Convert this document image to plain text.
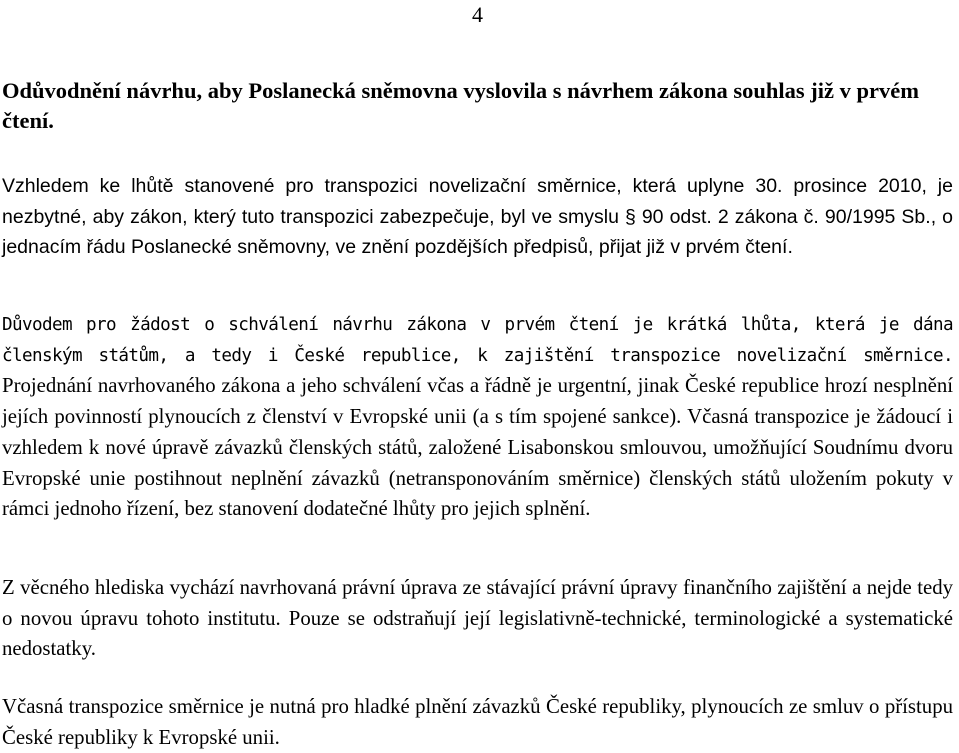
4
Odůvodnění návrhu, aby Poslanecká sněmovna vyslovila s návrhem zákona souhlas již v prvém čtení.

Vzhledem ke lhůtě stanovené pro transpozici novelizační směrnice, která uplyne 30. prosince 2010, je nezbytné, aby zákon, který tuto transpozici zabezpečuje, byl ve smyslu § 90 odst. 2 zákona č. 90/1995 Sb., o jednacím řádu Poslanecké sněmovny, ve znění pozdějších předpisů, přijat již v prvém čtení.

Důvodem pro žádost o schválení návrhu zákona v prvém čtení je krátká lhůta, která je dána členským státům, a tedy i České republice, k zajištění transpozice novelizační směrnice. Projednání navrhovaného zákona a jeho schválení včas a řádně je urgentní, jinak České republice hrozí nesplnění jejích povinností plynoucích z členství v Evropské unii (a s tím spojené sankce). Včasná transpozice je žádoucí i vzhledem k nové úpravě závazků členských států, založené Lisabonskou smlouvou, umožňující Soudnímu dvoru Evropské unie postihnout neplnění závazků (netransponováním směrnice) členských států uložením pokuty v rámci jednoho řízení, bez stanovení dodatečné lhůty pro jejich splnění.

Z věcného hlediska vychází navrhovaná právní úprava ze stávající právní úpravy finančního zajištění a nejde tedy o novou úpravu tohoto institutu. Pouze se odstraňují její legislativně-technické, terminologické a systematické nedostatky.

Včasná transpozice směrnice je nutná pro hladké plnění závazků České republiky, plynoucích ze smluv o přístupu České republiky k Evropské unii.
